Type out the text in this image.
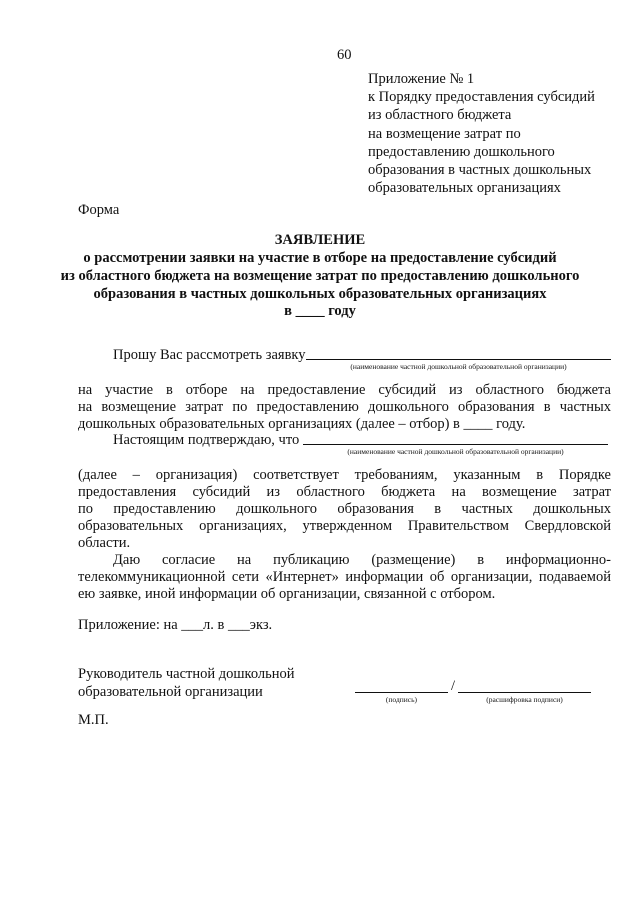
60
Приложение № 1
к Порядку предоставления субсидий
из областного бюджета
на возмещение затрат по
предоставлению дошкольного
образования в частных дошкольных
образовательных организациях
Форма
ЗАЯВЛЕНИЕ
о рассмотрении заявки на участие в отборе на предоставление субсидий
из областного бюджета на возмещение затрат по предоставлению дошкольного
образования в частных дошкольных образовательных организациях
в ____ году
Прошу Вас рассмотреть заявку
(наименование частной дошкольной образовательной организации)
на участие в отборе на предоставление субсидий из областного бюджета
на возмещение затрат по предоставлению дошкольного образования в частных
дошкольных образовательных организациях (далее – отбор) в ____ году.
Настоящим подтверждаю, что
(наименование частной дошкольной образовательной организации)
(далее – организация) соответствует требованиям, указанным в Порядке
предоставления субсидий из областного бюджета на возмещение затрат
по предоставлению дошкольного образования в частных дошкольных
образовательных организациях, утвержденном Правительством Свердловской
области.
Даю согласие на публикацию (размещение) в информационно-
телекоммуникационной сети «Интернет» информации об организации, подаваемой
ею заявке, иной информации об организации, связанной с отбором.
Приложение: на ___л. в ___экз.
Руководитель частной дошкольной
образовательной организации	/
(подпись)	(расшифровка подписи)
М.П.
